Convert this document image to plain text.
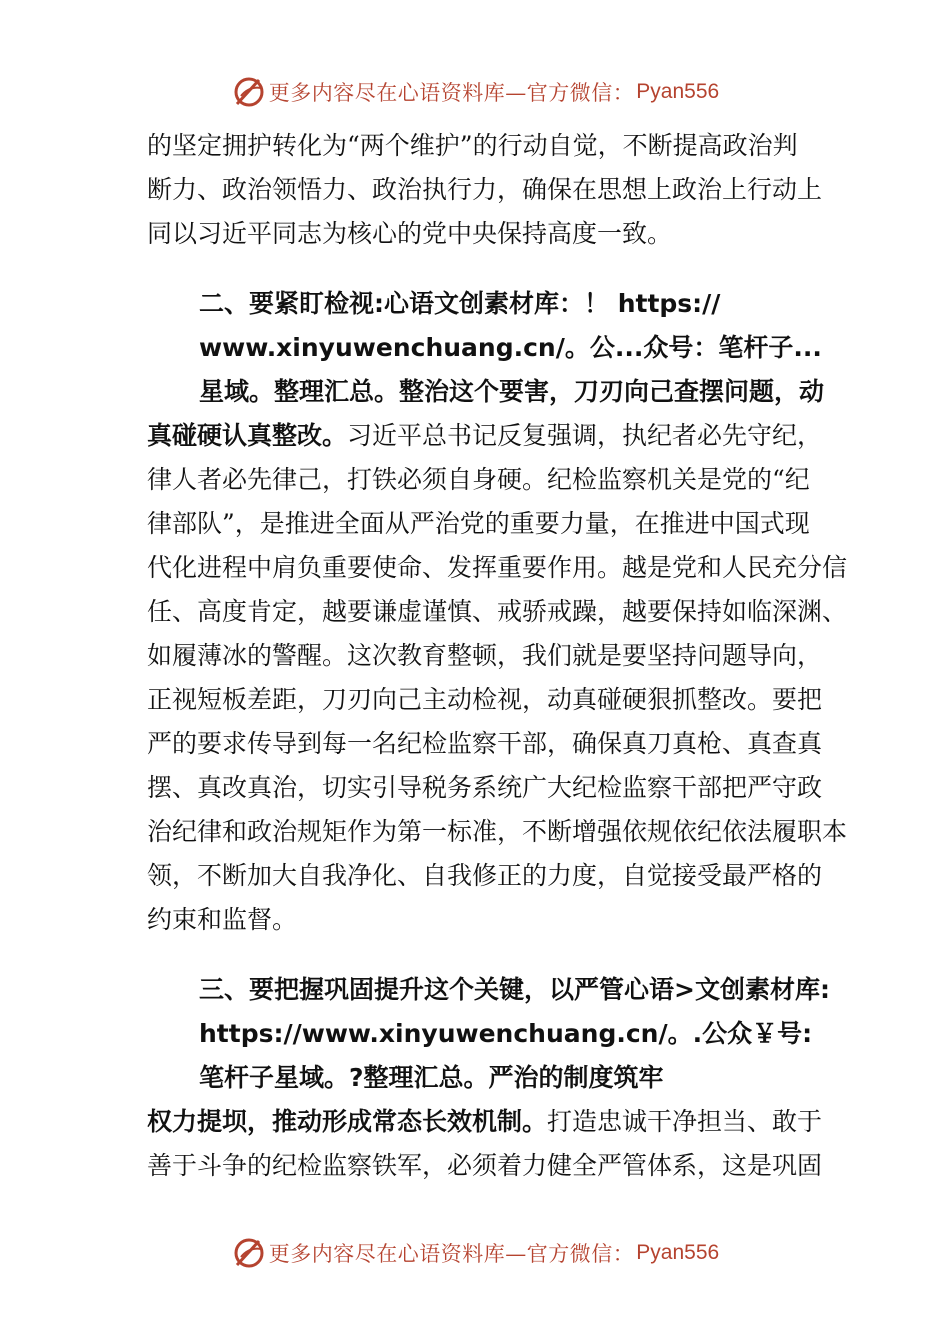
更多内容尽在心语资料库—官方微信： Pyan556
的坚定拥护转化为“两个维护”的行动自觉，不断提高政治判
断力、政治领悟力、政治执行力，确保在思想上政治上行动上
同以习近平同志为核心的党中央保持高度一致。
二、要紧盯检视:心语文创素材库：！ https://
www.xinyuwenchuang.cn/。公...众号：笔杆子...
星域。整理汇总。整治这个要害，刀刃向己查摆问题，动
真碰硬认真整改。习近平总书记反复强调，执纪者必先守纪，
律人者必先律己，打铁必须自身硬。纪检监察机关是党的“纪
律部队”，是推进全面从严治党的重要力量，在推进中国式现
代化进程中肩负重要使命、发挥重要作用。越是党和人民充分信
任、高度肯定，越要谦虚谨慎、戒骄戒躁，越要保持如临深渊、
如履薄冰的警醒。这次教育整顿，我们就是要坚持问题导向，
正视短板差距，刀刃向己主动检视，动真碰硬狠抓整改。要把
严的要求传导到每一名纪检监察干部，确保真刀真枪、真查真
摆、真改真治，切实引导税务系统广大纪检监察干部把严守政
治纪律和政治规矩作为第一标准，不断增强依规依纪依法履职本
领，不断加大自我净化、自我修正的力度，自觉接受最严格的
约束和监督。
三、要把握巩固提升这个关键，以严管心语>文创素材库:
https://www.xinyuwenchuang.cn/。.公众￥号:
笔杆子星域。?整理汇总。严治的制度筑牢
权力提坝，推动形成常态长效机制。打造忠诚干净担当、敢于
善于斗争的纪检监察铁军，必须着力健全严管体系，这是巩固
更多内容尽在心语资料库—官方微信： Pyan556
